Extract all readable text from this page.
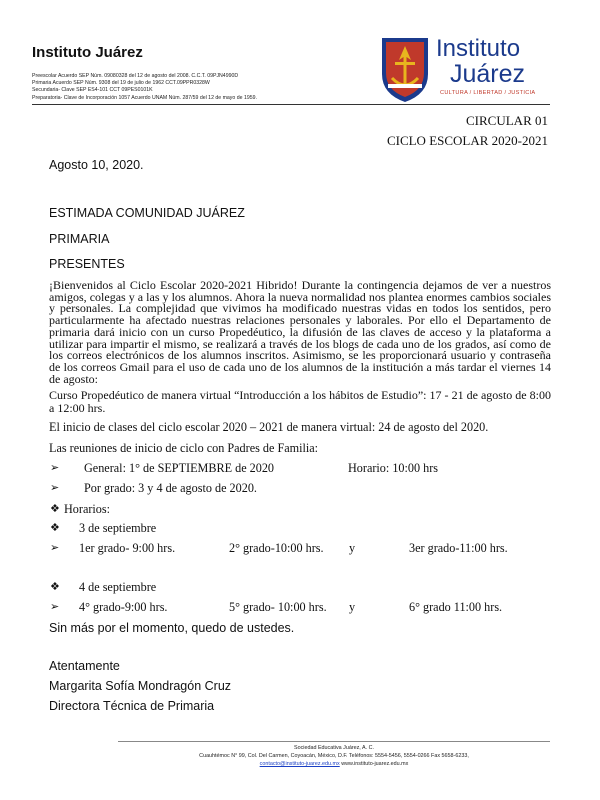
Instituto Juárez
Preescolar Acuerdo SEP Núm. 09080328 del 12 de agosto del 2008. C.C.T. 09PJN4990D
Primaria Acuerdo SEP Núm. 9308 del 19 de julio de 1962 CCT.09PPR0328W
Secundaria- Clave SEP ES4-101 CCT 09PES0101K
Preparatoria- Clave de Incorporación 1057 Acuerdo UNAM Núm. 287/59 del 12 de mayo de 1959.
Instituto
Juárez
CULTURA / LIBERTAD / JUSTICIA
CIRCULAR 01
CICLO ESCOLAR 2020-2021
Agosto 10, 2020.
ESTIMADA COMUNIDAD JUÁREZ
PRIMARIA
PRESENTES
¡Bienvenidos al Ciclo Escolar 2020-2021 Hibrido! Durante la contingencia dejamos de ver a nuestros amigos, colegas y a las y los alumnos. Ahora la nueva normalidad nos plantea enormes cambios sociales y personales. La complejidad que vivimos ha modificado nuestras vidas en todos los sentidos, pero particularmente ha afectado nuestras relaciones personales y laborales. Por ello el Departamento de primaria dará inicio con un curso Propedéutico, la difusión de las claves de acceso y la plataforma a utilizar para impartir el mismo, se realizará a través de los blogs de cada uno de los grados, así como de los correos electrónicos de los alumnos inscritos. Asimismo, se les proporcionará usuario y contraseña de los correos Gmail para el uso de cada uno de los alumnos de la institución a más tardar el viernes 14 de agosto:
Curso Propedéutico de manera virtual “Introducción a los hábitos de Estudio”: 17 - 21 de agosto de 8:00 a 12:00 hrs.
El inicio de clases del ciclo escolar 2020 – 2021 de manera virtual: 24 de agosto del 2020.
Las reuniones de inicio de ciclo con Padres de Familia:
➢ General: 1° de SEPTIEMBRE de 2020	Horario: 10:00 hrs
➢ Por grado: 3 y 4 de agosto de 2020.
❖ Horarios:
❖ 3 de septiembre
➢ 1er grado- 9:00 hrs.	2° grado-10:00 hrs. y	3er grado-11:00 hrs.
❖ 4 de septiembre
➢ 4° grado-9:00 hrs.	5° grado- 10:00 hrs. y	6° grado 11:00 hrs.
Sin más por el momento, quedo de ustedes.
Atentamente
Margarita Sofía Mondragón Cruz
Directora Técnica de Primaria
Sociedad Educativa Juárez, A. C.
Cuauhtémoc N° 99, Col. Del Carmen, Coyoacán, México, D.F. Teléfonos: 5554-5456, 5554-0266 Fax 5658-6233,
contacto@instituto-juarez.edu.mx www.instituto-juarez.edu.mx
